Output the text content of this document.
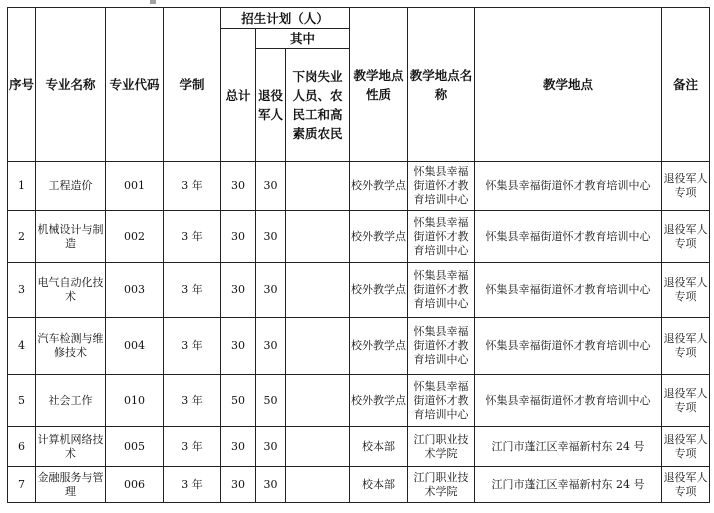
序号	专业名称	专业代码	学制	招生计划（人）			教学地点性质	教学地点名称	教学地点	备注
				总计	其中					
					退役军人	下岗失业人员、农民工和高素质农民				
1	工程造价	001	3 年	30	30		校外教学点	怀集县幸福街道怀才教育培训中心	怀集县幸福街道怀才教育培训中心	退役军人专项
2	机械设计与制造	002	3 年	30	30		校外教学点	怀集县幸福街道怀才教育培训中心	怀集县幸福街道怀才教育培训中心	退役军人专项
3	电气自动化技术	003	3 年	30	30		校外教学点	怀集县幸福街道怀才教育培训中心	怀集县幸福街道怀才教育培训中心	退役军人专项
4	汽车检测与维修技术	004	3 年	30	30		校外教学点	怀集县幸福街道怀才教育培训中心	怀集县幸福街道怀才教育培训中心	退役军人专项
5	社会工作	010	3 年	50	50		校外教学点	怀集县幸福街道怀才教育培训中心	怀集县幸福街道怀才教育培训中心	退役军人专项
6	计算机网络技术	005	3 年	30	30		校本部	江门职业技术学院	江门市蓬江区幸福新村东 24 号	退役军人专项
7	金融服务与管理	006	3 年	30	30		校本部	江门职业技术学院	江门市蓬江区幸福新村东 24 号	退役军人专项
